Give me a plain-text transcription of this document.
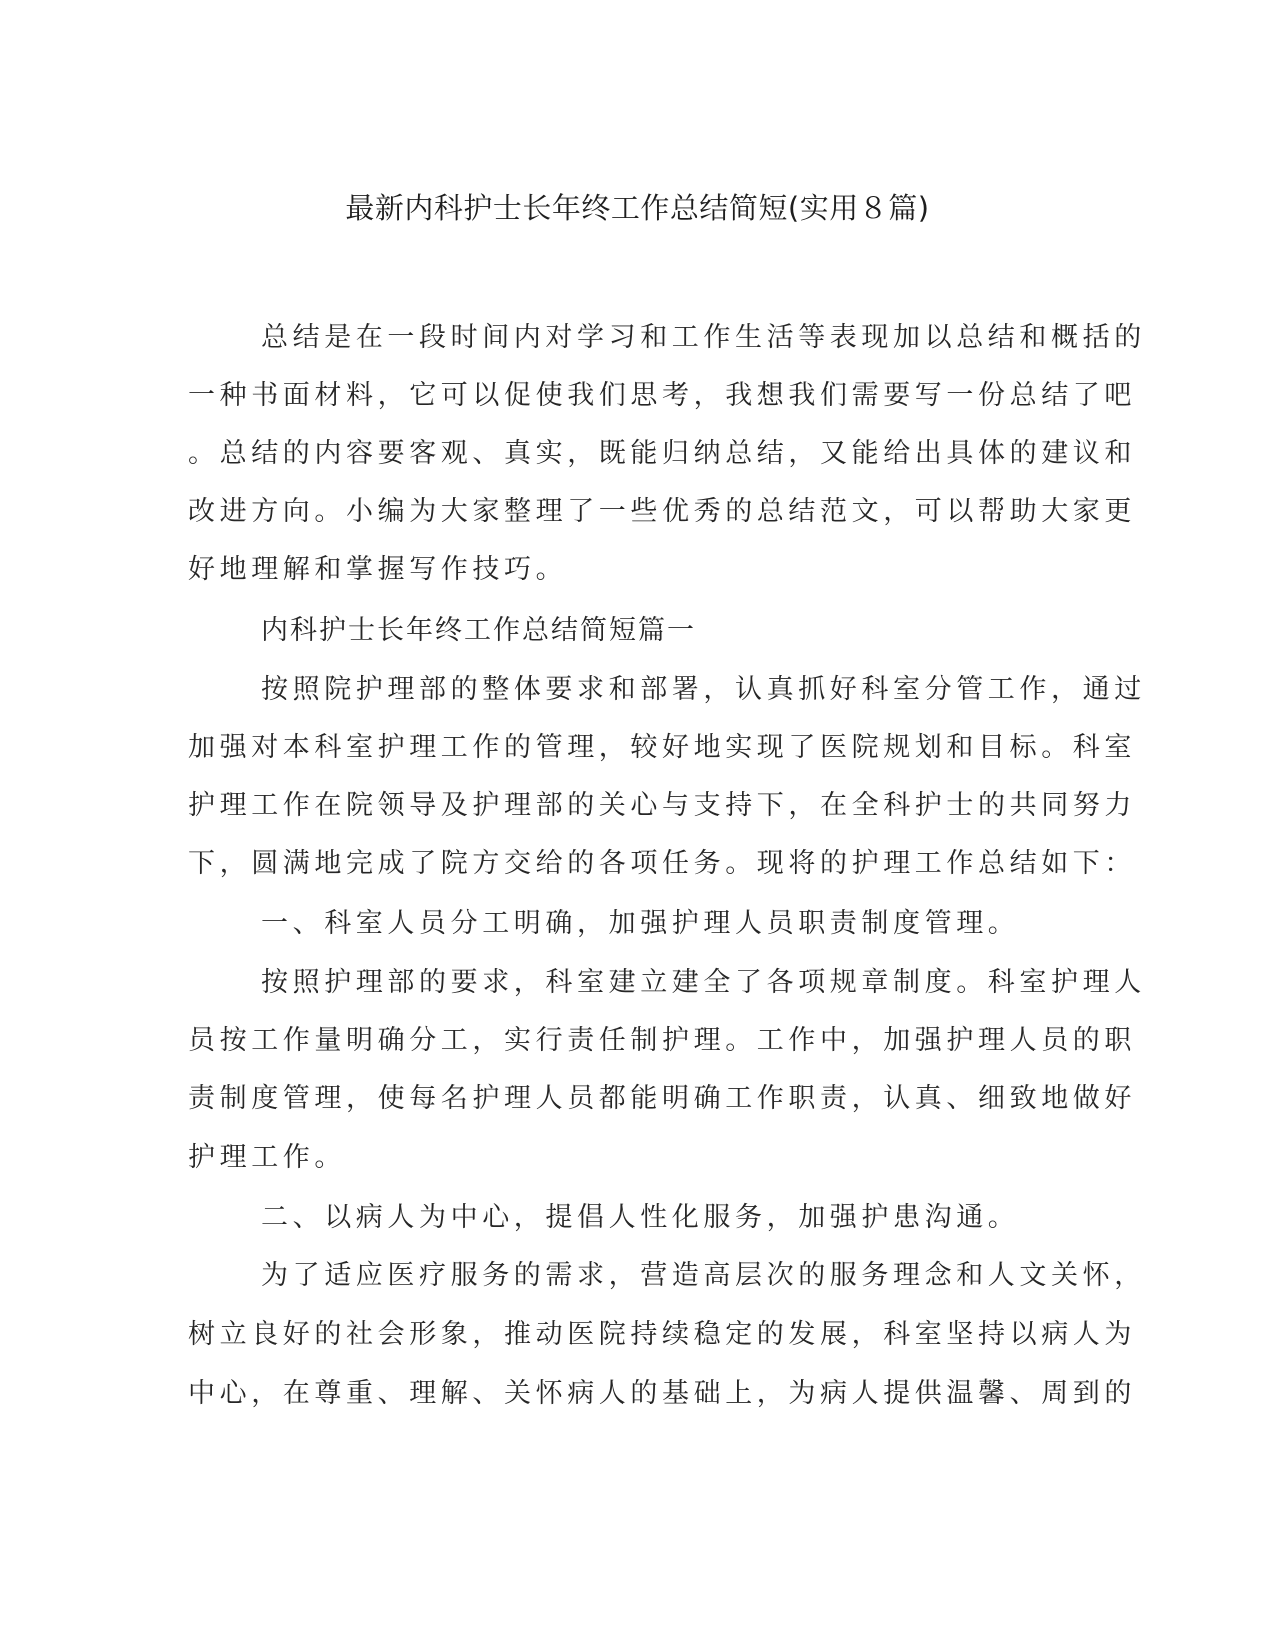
最新内科护士长年终工作总结简短(实用８篇)
总结是在一段时间内对学习和工作生活等表现加以总结和概括的
一种书面材料，它可以促使我们思考，我想我们需要写一份总结了吧
。总结的内容要客观、真实，既能归纳总结，又能给出具体的建议和
改进方向。小编为大家整理了一些优秀的总结范文，可以帮助大家更
好地理解和掌握写作技巧。
内科护士长年终工作总结简短篇一
按照院护理部的整体要求和部署，认真抓好科室分管工作，通过
加强对本科室护理工作的管理，较好地实现了医院规划和目标。科室
护理工作在院领导及护理部的关心与支持下，在全科护士的共同努力
下，圆满地完成了院方交给的各项任务。现将的护理工作总结如下：
一、科室人员分工明确，加强护理人员职责制度管理。
按照护理部的要求，科室建立建全了各项规章制度。科室护理人
员按工作量明确分工，实行责任制护理。工作中，加强护理人员的职
责制度管理，使每名护理人员都能明确工作职责，认真、细致地做好
护理工作。
二、以病人为中心，提倡人性化服务，加强护患沟通。
为了适应医疗服务的需求，营造高层次的服务理念和人文关怀，
树立良好的社会形象，推动医院持续稳定的发展，科室坚持以病人为
中心，在尊重、理解、关怀病人的基础上，为病人提供温馨、周到的
